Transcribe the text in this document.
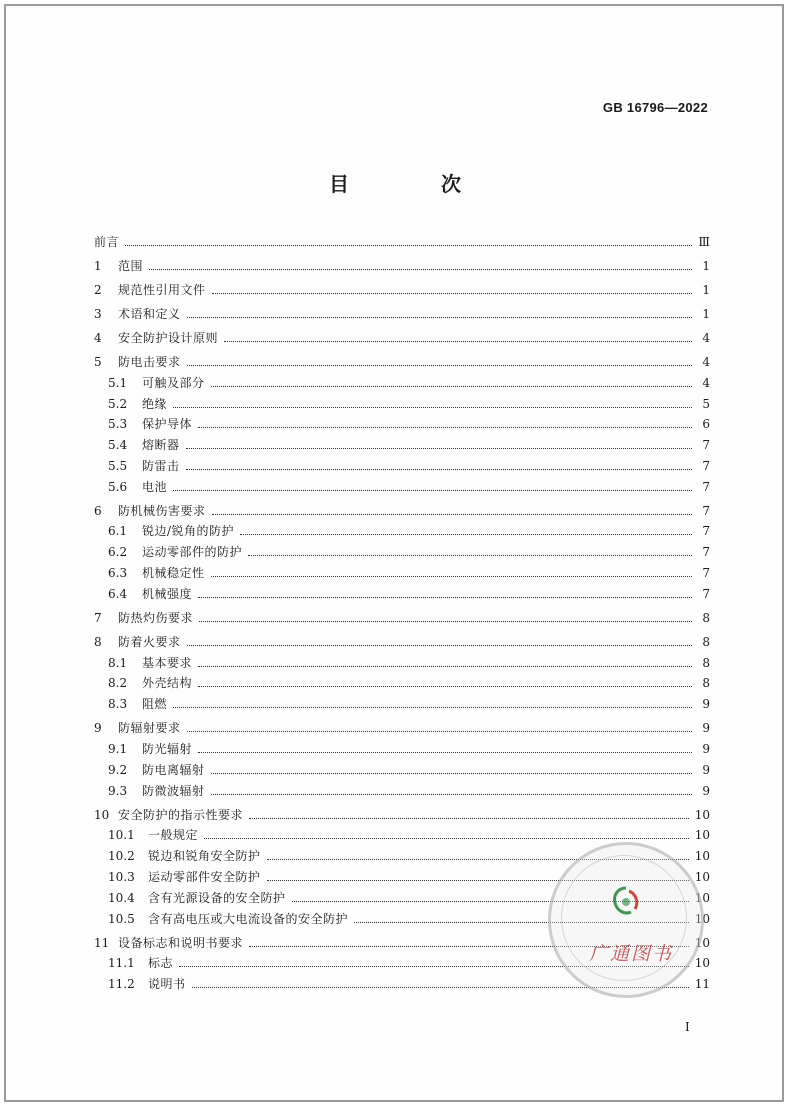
GB 16796—2022
目　次
前言	Ⅲ
1	范围	1
2	规范性引用文件	1
3	术语和定义	1
4	安全防护设计原则	4
5	防电击要求	4
5.1	可触及部分	4
5.2	绝缘	5
5.3	保护导体	6
5.4	熔断器	7
5.5	防雷击	7
5.6	电池	7
6	防机械伤害要求	7
6.1	锐边/锐角的防护	7
6.2	运动零部件的防护	7
6.3	机械稳定性	7
6.4	机械强度	7
7	防热灼伤要求	8
8	防着火要求	8
8.1	基本要求	8
8.2	外壳结构	8
8.3	阻燃	9
9	防辐射要求	9
9.1	防光辐射	9
9.2	防电离辐射	9
9.3	防微波辐射	9
10 安全防护的指示性要求	10
10.1	一般规定	10
10.2	锐边和锐角安全防护	10
10.3	运动零部件安全防护	10
10.4	含有光源设备的安全防护	10
10.5	含有高电压或大电流设备的安全防护	10
11 设备标志和说明书要求	10
11.1	标志	10
11.2	说明书	11
广通图书
I
